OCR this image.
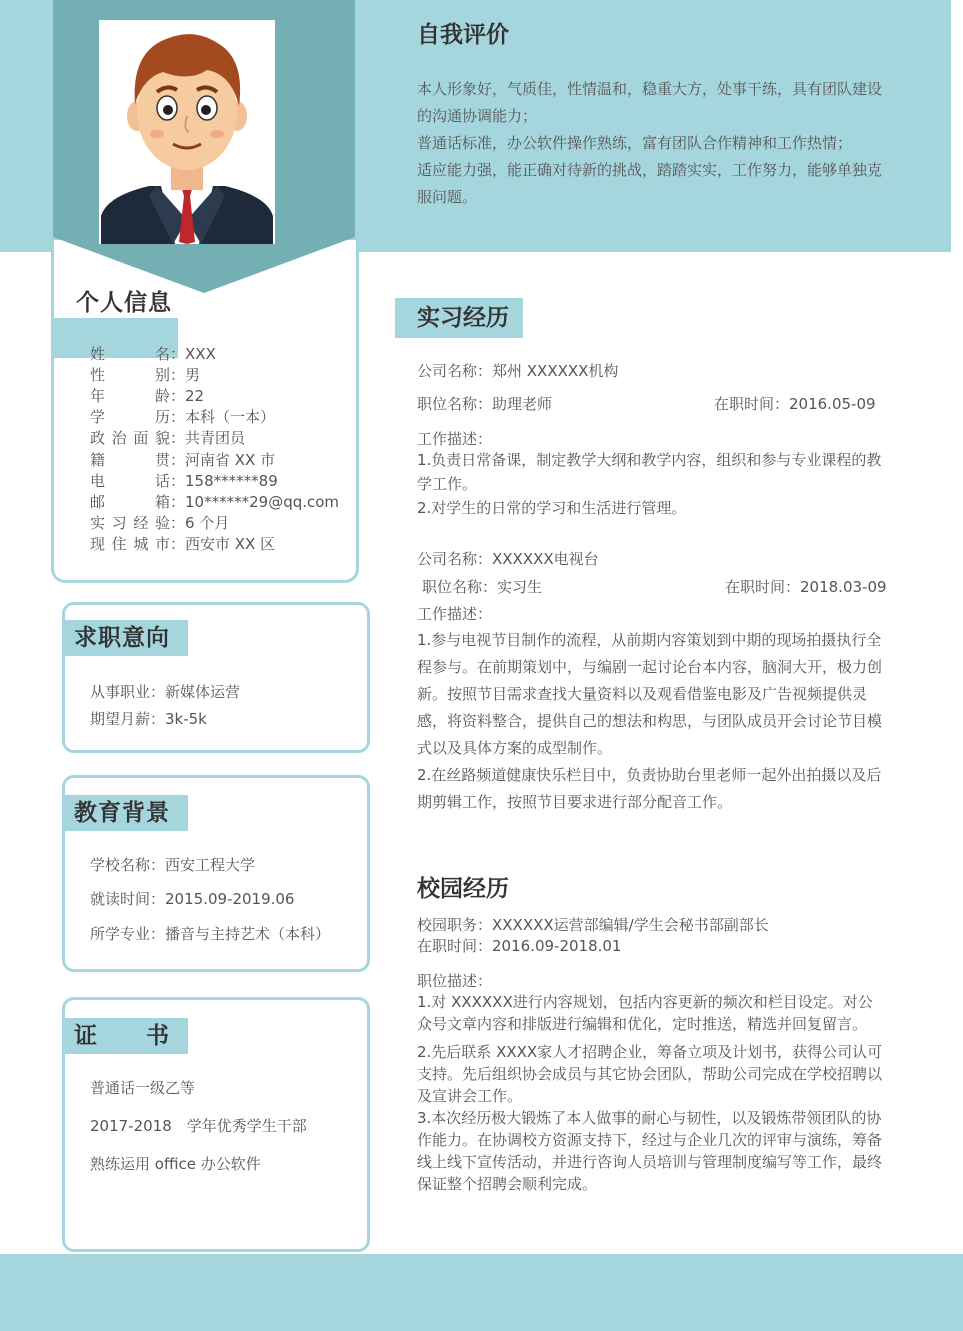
个人信息
姓 名：XXX
性 别：男
年 龄：22
学 历：本科（一本）
政治面貌：共青团员
籍 贯：河南省 XX 市
电 话：158******89
邮 箱：10******29@qq.com
实习经验：6 个月
现住城市：西安市 XX 区
求职意向
从事职业：新媒体运营
期望月薪：3k-5k
教育背景
学校名称：西安工程大学
就读时间：2015.09-2019.06
所学专业：播音与主持艺术（本科）
证　　书
普通话一级乙等
2017-2018　学年优秀学生干部
熟练运用 office 办公软件
自我评价
本人形象好，气质佳，性情温和，稳重大方，处事干练，具有团队建设
的沟通协调能力；
普通话标准，办公软件操作熟练，富有团队合作精神和工作热情；
适应能力强，能正确对待新的挑战，踏踏实实，工作努力，能够单独克
服问题。
实习经历
公司名称：郑州 XXXXXX机构
职位名称：助理老师	在职时间：2016.05-09
工作描述：
1.负责日常备课，制定教学大纲和教学内容，组织和参与专业课程的教
学工作。
2.对学生的日常的学习和生活进行管理。
公司名称：XXXXXX电视台
职位名称：实习生	在职时间：2018.03-09
工作描述：
1.参与电视节目制作的流程，从前期内容策划到中期的现场拍摄执行全
程参与。在前期策划中，与编剧一起讨论台本内容，脑洞大开，极力创
新。按照节目需求查找大量资料以及观看借鉴电影及广告视频提供灵
感，将资料整合，提供自己的想法和构思，与团队成员开会讨论节目模
式以及具体方案的成型制作。
2.在丝路频道健康快乐栏目中，负责协助台里老师一起外出拍摄以及后
期剪辑工作，按照节目要求进行部分配音工作。
校园经历
校园职务：XXXXXX运营部编辑/学生会秘书部副部长
在职时间：2016.09-2018.01
职位描述：
1.对 XXXXXX进行内容规划，包括内容更新的频次和栏目设定。对公
众号文章内容和排版进行编辑和优化，定时推送，精选并回复留言。
2.先后联系 XXXX家人才招聘企业，筹备立项及计划书，获得公司认可
支持。先后组织协会成员与其它协会团队，帮助公司完成在学校招聘以
及宣讲会工作。
3.本次经历极大锻炼了本人做事的耐心与韧性，以及锻炼带领团队的协
作能力。在协调校方资源支持下，经过与企业几次的评审与演练，筹备
线上线下宣传活动，并进行咨询人员培训与管理制度编写等工作，最终
保证整个招聘会顺利完成。
